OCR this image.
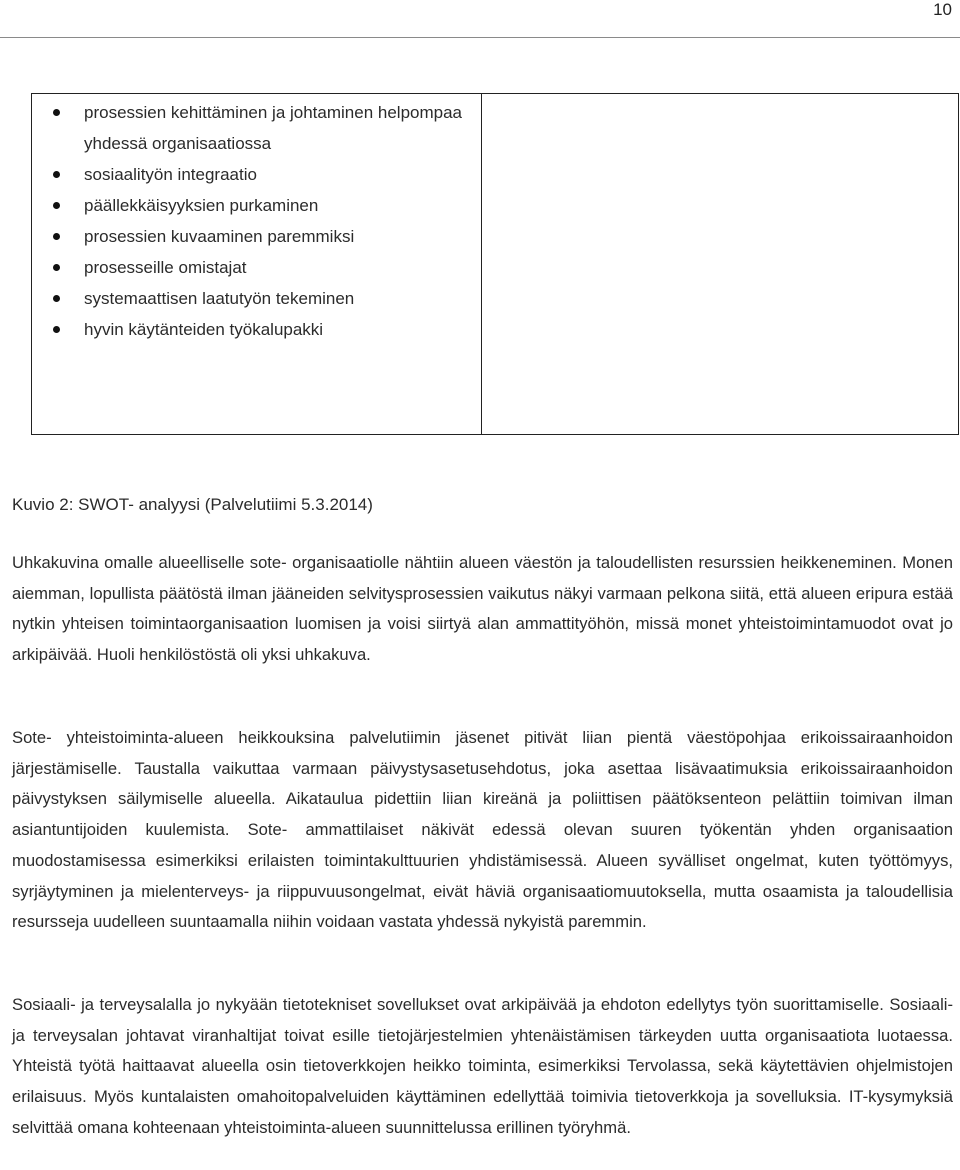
10
prosessien kehittäminen ja johtaminen helpompaa yhdessä organisaatiossa
sosiaalityön integraatio
päällekkäisyyksien purkaminen
prosessien kuvaaminen paremmiksi
prosesseille omistajat
systemaattisen laatutyön tekeminen
hyvin käytänteiden työkalupakki
Kuvio 2: SWOT- analyysi (Palvelutiimi 5.3.2014)

Uhkakuvina omalle alueelliselle sote- organisaatiolle nähtiin alueen väestön ja taloudellisten resurssien heikkeneminen. Monen aiemman, lopullista päätöstä ilman jääneiden selvitysprosessien vaikutus näkyi varmaan pelkona siitä, että alueen eripura estää nytkin yhteisen toimintaorganisaation luomisen ja voisi siirtyä alan ammattityöhön, missä monet yhteistoimintamuodot ovat jo arkipäivää. Huoli henkilöstöstä oli yksi uhkakuva.

Sote- yhteistoiminta-alueen heikkouksina palvelutiimin jäsenet pitivät liian pientä väestöpohjaa erikoissairaanhoidon järjestämiselle. Taustalla vaikuttaa varmaan päivystysasetusehdotus, joka asettaa lisävaatimuksia erikoissairaanhoidon päivystyksen säilymiselle alueella. Aikataulua pidettiin liian kireänä ja poliittisen päätöksenteon pelättiin toimivan ilman asiantuntijoiden kuulemista. Sote- ammattilaiset näkivät edessä olevan suuren työkentän yhden organisaation muodostamisessa esimerkiksi erilaisten toimintakulttuurien yhdistämisessä. Alueen syvälliset ongelmat, kuten työttömyys, syrjäytyminen ja mielenterveys- ja riippuvuusongelmat, eivät häviä organisaatiomuutoksella, mutta osaamista ja taloudellisia resursseja uudelleen suuntaamalla niihin voidaan vastata yhdessä nykyistä paremmin.

Sosiaali- ja terveysalalla jo nykyään tietotekniset sovellukset ovat arkipäivää ja ehdoton edellytys työn suorittamiselle. Sosiaali- ja terveysalan johtavat viranhaltijat toivat esille tietojärjestelmien yhtenäistämisen tärkeyden uutta organisaatiota luotaessa. Yhteistä työtä haittaavat alueella osin tietoverkkojen heikko toiminta, esimerkiksi Tervolassa, sekä käytettävien ohjelmistojen erilaisuus. Myös kuntalaisten omahoitopalveluiden käyttäminen edellyttää toimivia tietoverkkoja ja sovelluksia. IT-kysymyksiä selvittää omana kohteenaan yhteistoiminta-alueen suunnittelussa erillinen työryhmä.
